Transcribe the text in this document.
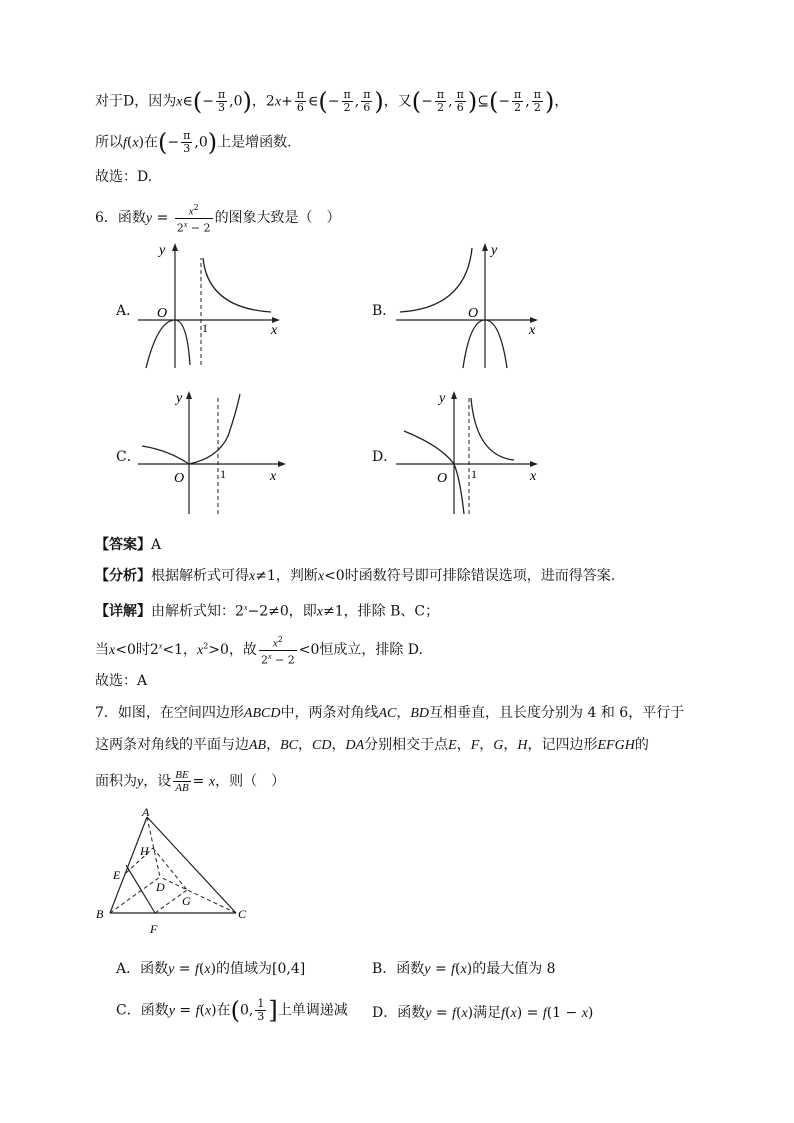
对于D，因为x∈(− $\frac{\pi}{3} ,0$)，$2x+ \frac{\pi}{6}$ ∈(− $\frac{\pi}{2}$ , $\frac{\pi}{6}$ )，又(− $\frac{\pi}{2}$ , $\frac{\pi}{6}$ )⊆(− $\frac{\pi}{2}$ , $\frac{\pi}{2}$ )，
所以f(x)在(− $\frac{\pi}{3} ,0$)上是增函数.
故选：D.
6．函数$y = \frac{x^2}{2^x - 2}$ 的图象大致是（　）
A．	B．
C．	D．
y
x
O
1
y
x
O
y
x
O	1
y
x
O 1
【答案】A
【分析】根据解析式可得x≠1，判断x<0时函数符号即可排除错误选项，进而得答案.
【详解】由解析式知：$2^x-2\ne 0$，即x≠1，排除 B、C；
当x<0时$2^x<1$，$x^2>0$，故 $\frac{x^2}{2^x - 2} <0$恒成立，排除 D.
故选：A
7．如图，在空间四边形ABCD中，两条对角线AC，BD互相垂直，且长度分别为 4 和 6，平行于
这两条对角线的平面与边AB，BC，CD，DA分别相交于点E，F，G，H，记四边形EFGH的
面积为y，设 $\frac{BE}{AB} = x$，则（　）
A
B	C
D
E
F
G
H
A．函数y = f(x)的值域为[0,4]	B．函数y = f(x)的最大值为 8
C．函数y = f(x)在(0, $\frac{1}{3}$ ]上单调递减 D．函数y = f(x)满足f(x) = f(1 − x)
